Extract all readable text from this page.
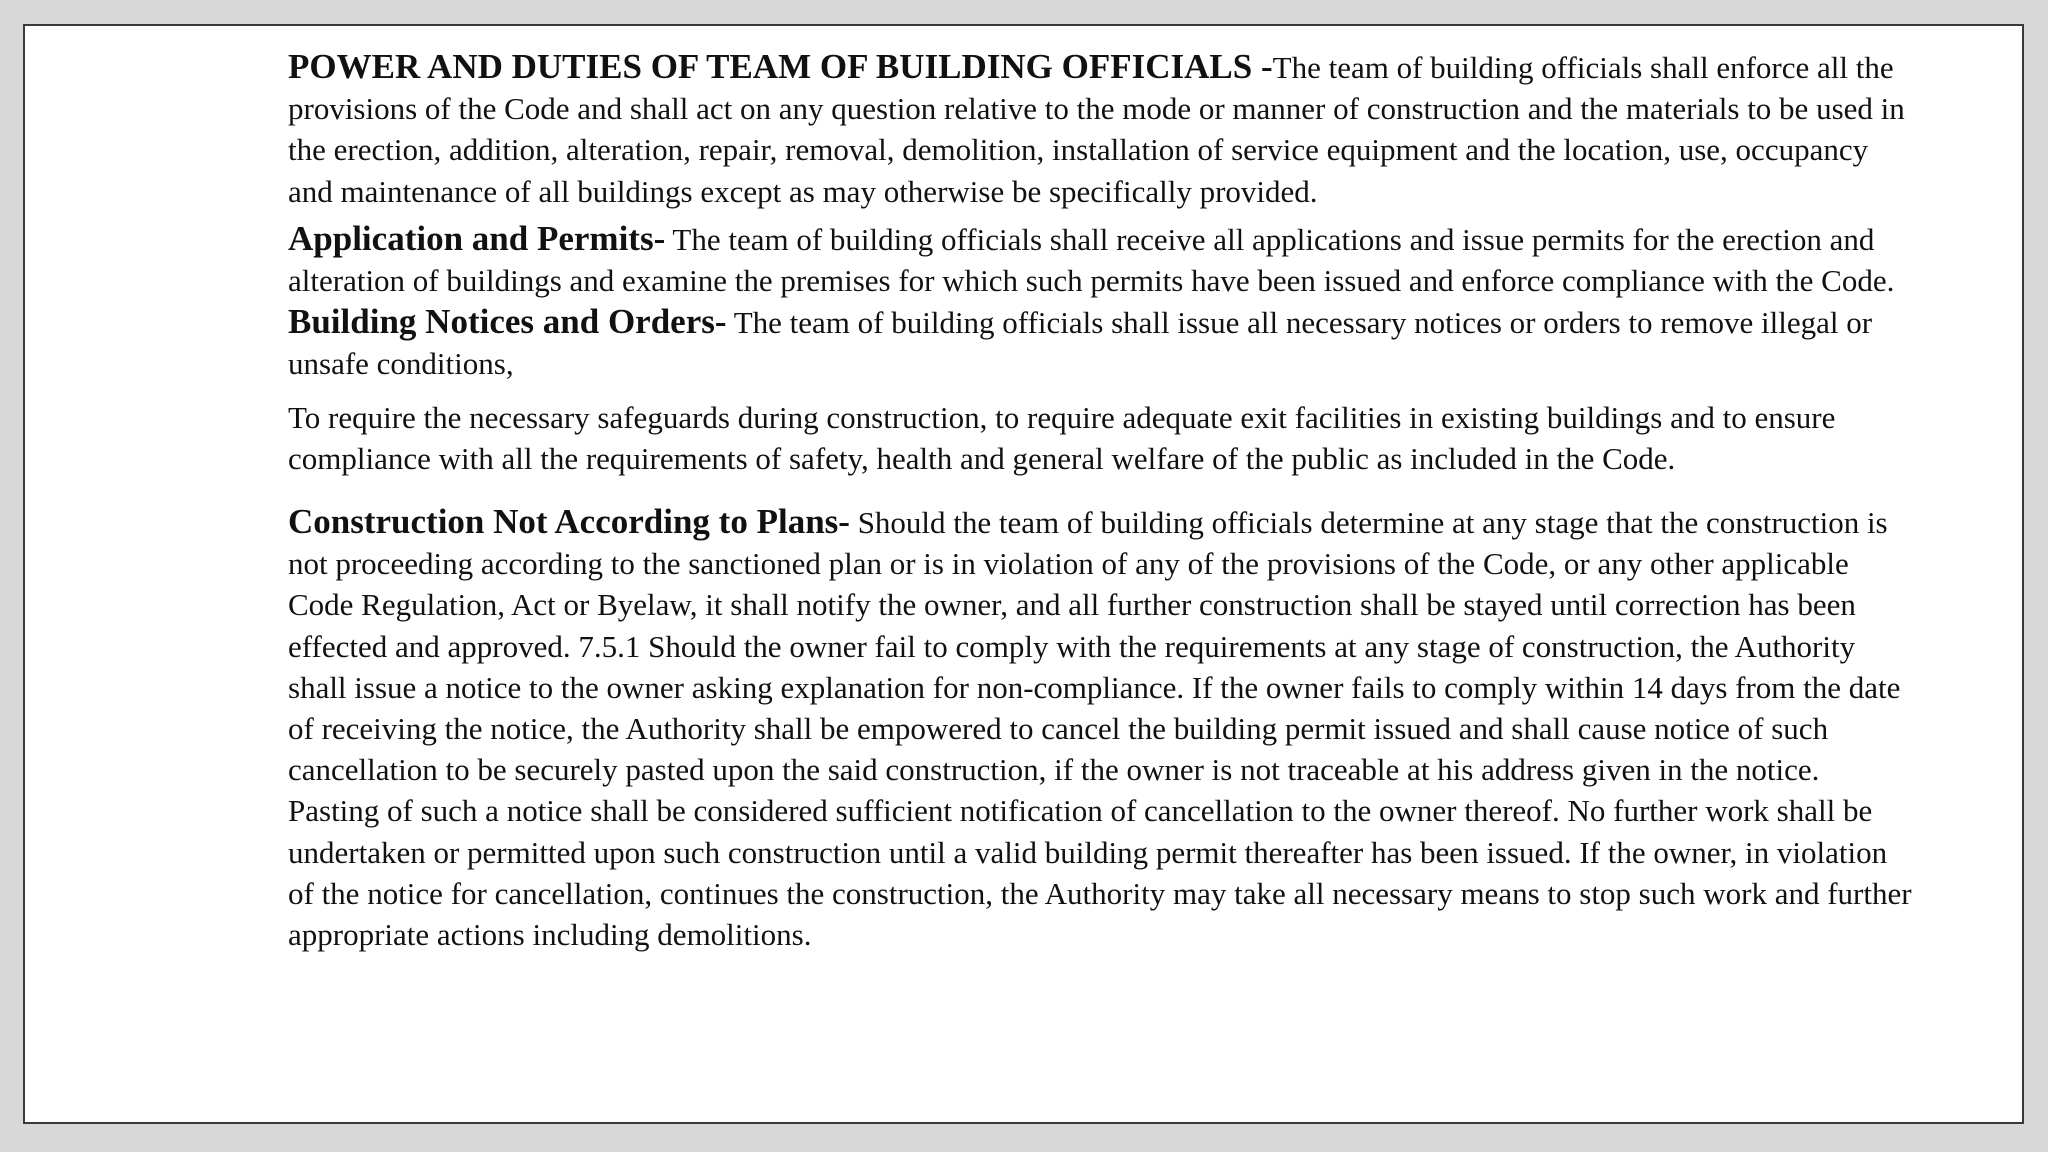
POWER AND DUTIES OF TEAM OF BUILDING OFFICIALS -The team of building officials shall enforce all the provisions of the Code and shall act on any question relative to the mode or manner of construction and the materials to be used in the erection, addition, alteration, repair, removal, demolition, installation of service equipment and the location, use, occupancy and maintenance of all buildings except as may otherwise be specifically provided.

Application and Permits- The team of building officials shall receive all applications and issue permits for the erection and alteration of buildings and examine the premises for which such permits have been issued and enforce compliance with the Code.

Building Notices and Orders- The team of building officials shall issue all necessary notices or orders to remove illegal or unsafe conditions,

To require the necessary safeguards during construction, to require adequate exit facilities in existing buildings and to ensure compliance with all the requirements of safety, health and general welfare of the public as included in the Code.

Construction Not According to Plans- Should the team of building officials determine at any stage that the construction is not proceeding according to the sanctioned plan or is in violation of any of the provisions of the Code, or any other applicable Code Regulation, Act or Byelaw, it shall notify the owner, and all further construction shall be stayed until correction has been effected and approved. 7.5.1 Should the owner fail to comply with the requirements at any stage of construction, the Authority shall issue a notice to the owner asking explanation for non-compliance. If the owner fails to comply within 14 days from the date of receiving the notice, the Authority shall be empowered to cancel the building permit issued and shall cause notice of such cancellation to be securely pasted upon the said construction, if the owner is not traceable at his address given in the notice. Pasting of such a notice shall be considered sufficient notification of cancellation to the owner thereof. No further work shall be undertaken or permitted upon such construction until a valid building permit thereafter has been issued. If the owner, in violation of the notice for cancellation, continues the construction, the Authority may take all necessary means to stop such work and further appropriate actions including demolitions.
